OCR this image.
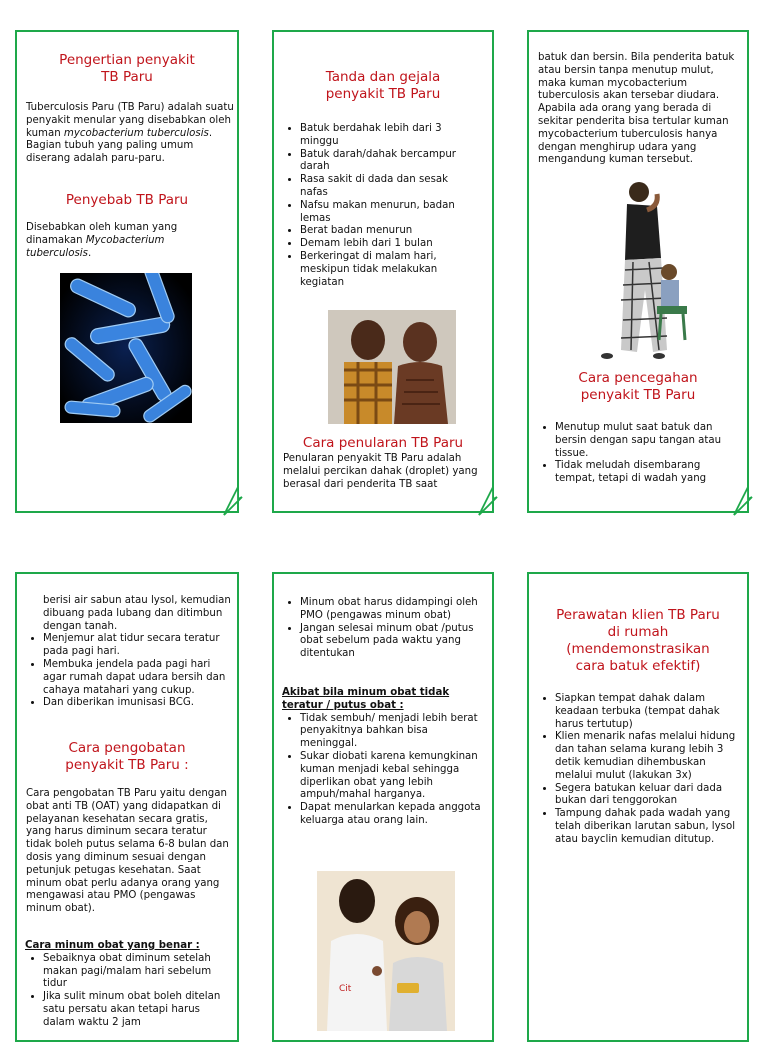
Pengertian penyakit
TB Paru
Tuberculosis Paru (TB Paru) adalah suatu penyakit menular yang disebabkan oleh kuman mycobacterium tuberculosis. Bagian tubuh yang paling umum diserang adalah paru-paru.
Penyebab TB Paru
Disebabkan oleh kuman yang dinamakan Mycobacterium tuberculosis.
Tanda dan gejala
penyakit TB Paru
• Batuk berdahak lebih dari 3 minggu
• Batuk darah/dahak bercampur darah
• Rasa sakit di dada dan sesak nafas
• Nafsu makan menurun, badan lemas
• Berat badan menurun
• Demam lebih dari 1 bulan
• Berkeringat di malam hari, meskipun tidak melakukan kegiatan
Cara penularan TB Paru
Penularan penyakit TB Paru adalah melalui percikan dahak (droplet) yang berasal dari penderita TB saat
batuk dan bersin. Bila penderita batuk atau bersin tanpa menutup mulut, maka kuman mycobacterium tuberculosis akan tersebar diudara. Apabila ada orang yang berada di sekitar penderita bisa tertular kuman mycobacterium tuberculosis hanya dengan menghirup udara yang mengandung kuman tersebut.
Cara pencegahan
penyakit TB Paru
• Menutup mulut saat batuk dan bersin dengan sapu tangan atau tissue.
• Tidak meludah disembarang tempat, tetapi di wadah yang
berisi air sabun atau lysol, kemudian dibuang pada lubang dan ditimbun dengan tanah.
• Menjemur alat tidur secara teratur pada pagi hari.
• Membuka jendela pada pagi hari agar rumah dapat udara bersih dan cahaya matahari yang cukup.
• Dan diberikan imunisasi BCG.
Cara pengobatan
penyakit TB Paru :
Cara pengobatan TB Paru yaitu dengan obat anti TB (OAT) yang didapatkan di pelayanan kesehatan secara gratis, yang harus diminum secara teratur tidak boleh putus selama 6-8 bulan dan dosis yang diminum sesuai dengan petunjuk petugas kesehatan. Saat minum obat perlu adanya orang yang mengawasi atau PMO (pengawas minum obat).
Cara minum obat yang benar :
• Sebaiknya obat diminum setelah makan pagi/malam hari sebelum tidur
• Jika sulit minum obat boleh ditelan satu persatu akan tetapi harus dalam waktu 2 jam
• Minum obat harus didampingi oleh PMO (pengawas minum obat)
• Jangan selesai minum obat /putus obat sebelum pada waktu yang ditentukan
Akibat bila minum obat tidak teratur / putus obat :
• Tidak sembuh/ menjadi lebih berat penyakitnya bahkan bisa meninggal.
• Sukar diobati karena kemungkinan kuman menjadi kebal sehingga diperlikan obat yang lebih ampuh/mahal harganya.
• Dapat menularkan kepada anggota keluarga atau orang lain.
Cit
Perawatan klien TB Paru
di rumah
(mendemonstrasikan
cara batuk efektif)
• Siapkan tempat dahak dalam keadaan terbuka (tempat dahak harus tertutup)
• Klien menarik nafas melalui hidung dan tahan selama kurang lebih 3 detik kemudian dihembuskan melalui mulut (lakukan 3x)
• Segera batukan keluar dari dada bukan dari tenggorokan
• Tampung dahak pada wadah yang telah diberikan larutan sabun, lysol atau bayclin kemudian ditutup.
